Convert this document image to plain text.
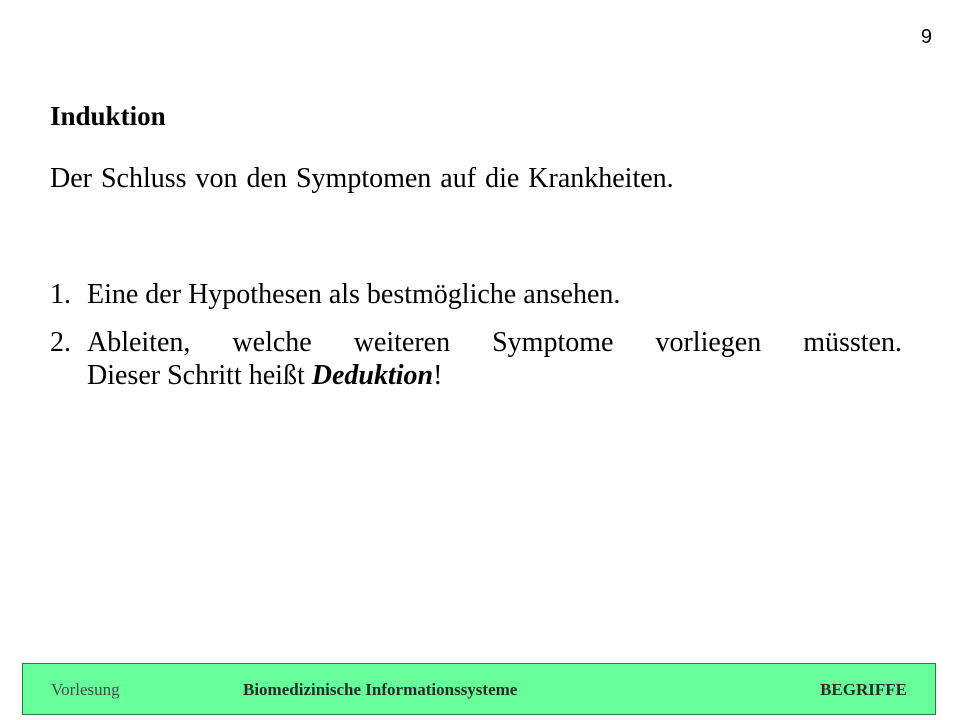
9
Induktion

Der Schluss von den Symptomen auf die Krankheiten.

1. Eine der Hypothesen als bestmögliche ansehen.
2. Ableiten, welche weiteren Symptome vorliegen müssten.
Dieser Schritt heißt Deduktion!
Vorlesung	Biomedizinische Informationssysteme	BEGRIFFE
